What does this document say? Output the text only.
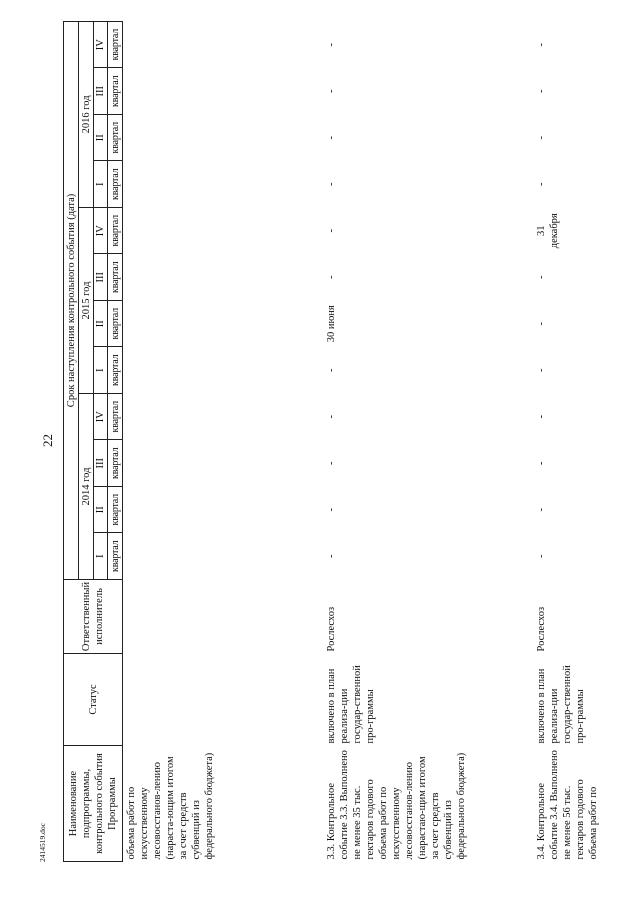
22
Наименование подпрограммы, контрольного события Программы	Статус	Ответственный исполнитель	Срок наступления контрольного события (дата)											
			2014 год				2015 год				2016 год			
			I	II	III	IV	I	II	III	IV	I	II	III	IV
			квартал	квартал	квартал	квартал	квартал	квартал	квартал	квартал	квартал	квартал	квартал	квартал
объема работ по искусственному лесовосстанов-лению (нараста-ющим итогом за счет средств субвенций из федерального бюджета)														
3.3. Контрольное событие 3.3. Выполнено не менее 35 тыс. гектаров годового объема работ по искусственному лесовосстанов-лению (нарастаю-щим итогом за счет средств субвенций из федерального бюджета)	включено в план реализа-ции государ-ственной про-граммы	Рослесхоз	-	-	-	-	-	30 июня	-	-	-	-	-	-
3.4. Контрольное событие 3.4. Выполнено не менее 56 тыс. гектаров годового объема работ по	включено в план реализа-ции государ-ственной про-граммы	Рослесхоз	-	-	-	-	-	-	-	31 декабря	-	-	-	-
2414519.doc
